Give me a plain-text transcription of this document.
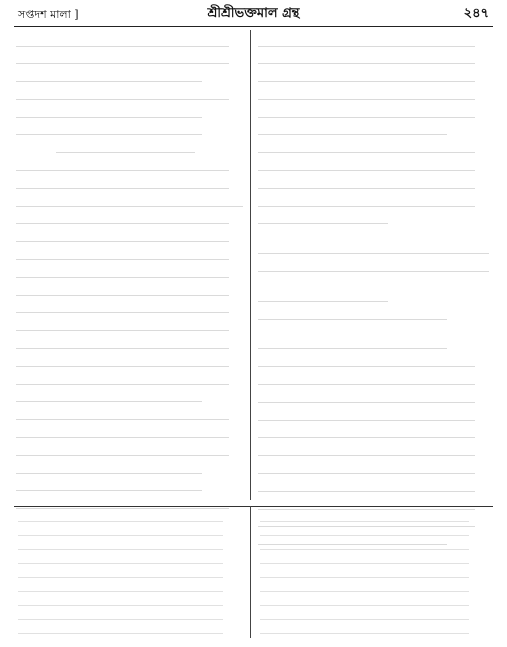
সপ্তদশ মালা ]	শ্রীশ্রীভক্তমাল গ্রন্থ	২৪৭
